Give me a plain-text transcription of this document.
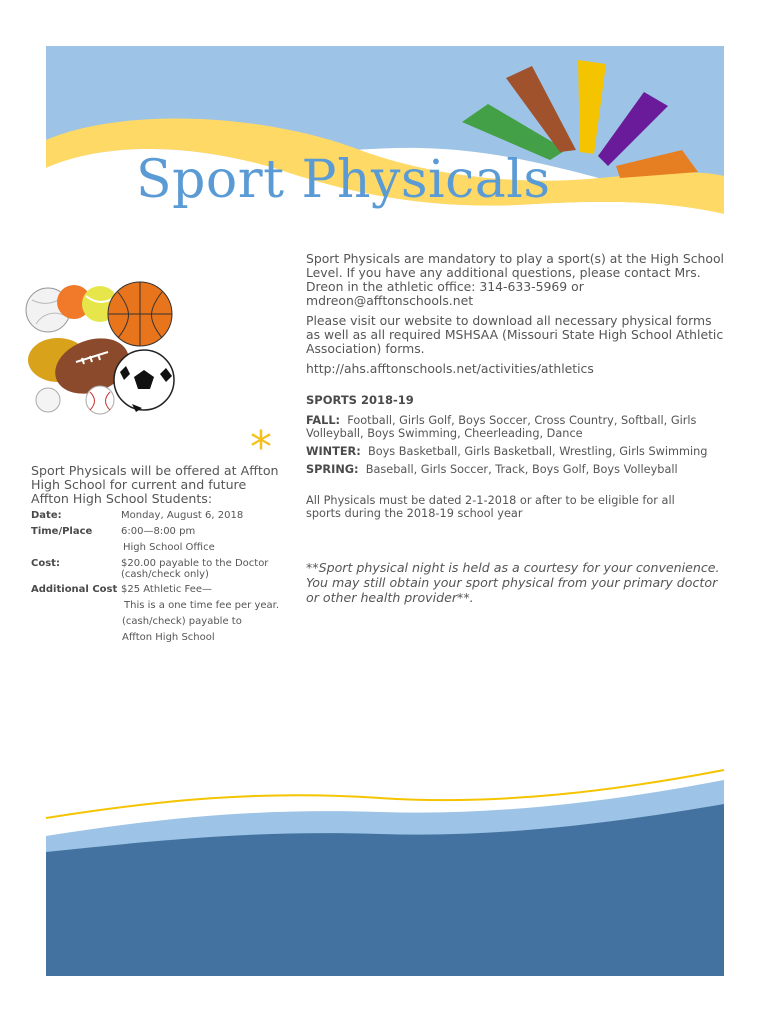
Sport Physicals

Sport Physicals are mandatory to play a sport(s) at the High School Level. If you have any additional questions, please contact Mrs. Dreon in the athletic office: 314-633-5969 or mdreon@afftonschools.net

Please visit our website to download all necessary physical forms as well as all required MSHSAA (Missouri State High School Athletic Association) forms.

http://ahs.afftonschools.net/activities/athletics

SPORTS 2018-19
FALL: Football, Girls Golf, Boys Soccer, Cross Country, Softball, Girls Volleyball, Boys Swimming, Cheerleading, Dance
WINTER: Boys Basketball, Girls Basketball, Wrestling, Girls Swimming
SPRING: Baseball, Girls Soccer, Track, Boys Golf, Boys Volleyball
All Physicals must be dated 2-1-2018 or after to be eligible for all sports during the 2018-19 school year
**Sport physical night is held as a courtesy for your convenience. You may still obtain your sport physical from your primary doctor or other health provider**.
*
Sport Physicals will be offered at Affton High School for current and future Affton High School Students:
Date:	Monday, August 6, 2018
Time/Place	6:00—8:00 pm
High School Office
Cost:	$20.00 payable to the Doctor (cash/check only)
Additional Cost $25 Athletic Fee—
This is a one time fee per year.
(cash/check) payable to
Affton High School
